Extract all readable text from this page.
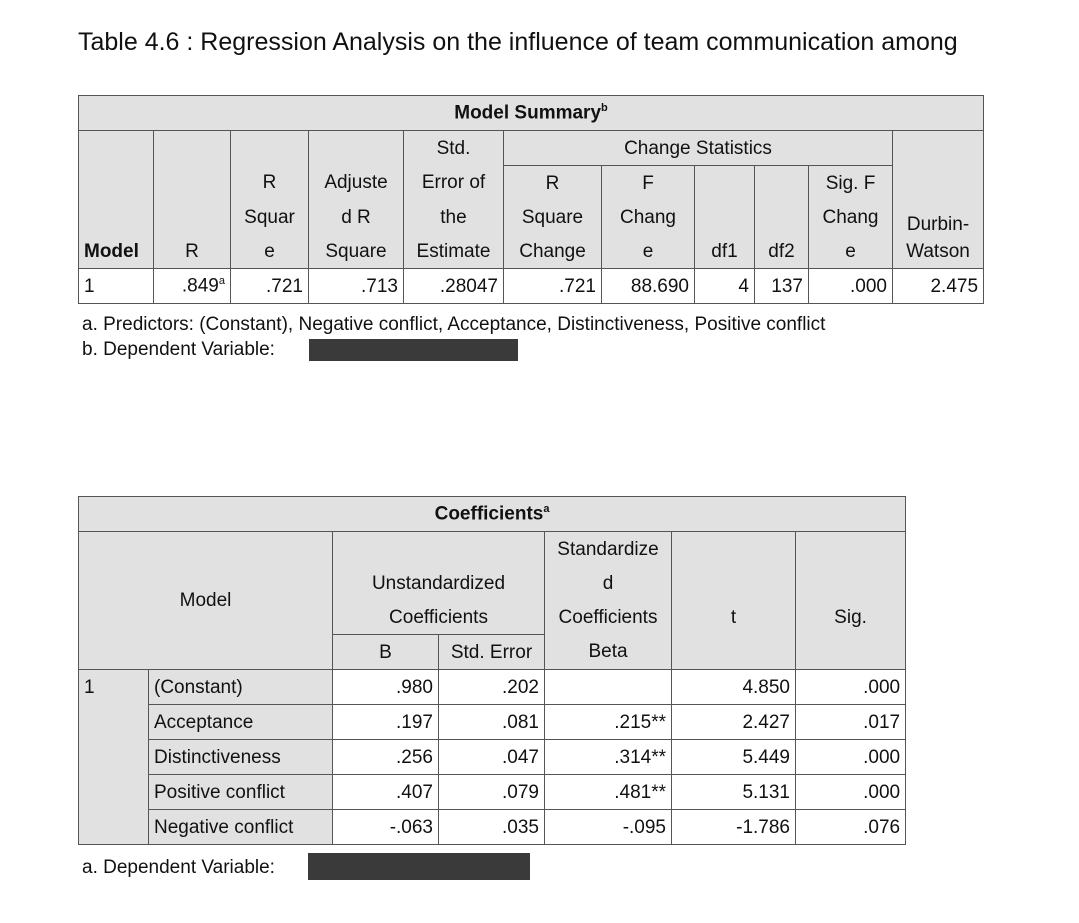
Table 4.6 : Regression Analysis on the influence of team communication among
Model Summary$^b$
				Std.	Change Statistics					
		R	Adjuste	Error of	R	F			Sig. F	
		Squar	d R	the	Square	Chang			Chang	Durbin-
Model	R	e	Square	Estimate	Change	e	df1	df2	e	Watson
1	.849$^a$	.721	.713	.28047	.721	88.690	4	137	.000	2.475
a. Predictors: (Constant), Negative conflict, Acceptance, Distinctiveness, Positive conflict
b. Dependent Variable:
Coefficients$^a$
Model				Standardize		
		Unstandardized		d		
		Coefficients		Coefficients	t	Sig.
		B	Std. Error	Beta		
1	(Constant)	.980	.202		4.850	.000
	Acceptance	.197	.081	.215**	2.427	.017
	Distinctiveness	.256	.047	.314**	5.449	.000
	Positive conflict	.407	.079	.481**	5.131	.000
	Negative conflict	-.063	.035	-.095	-1.786	.076
a. Dependent Variable:
